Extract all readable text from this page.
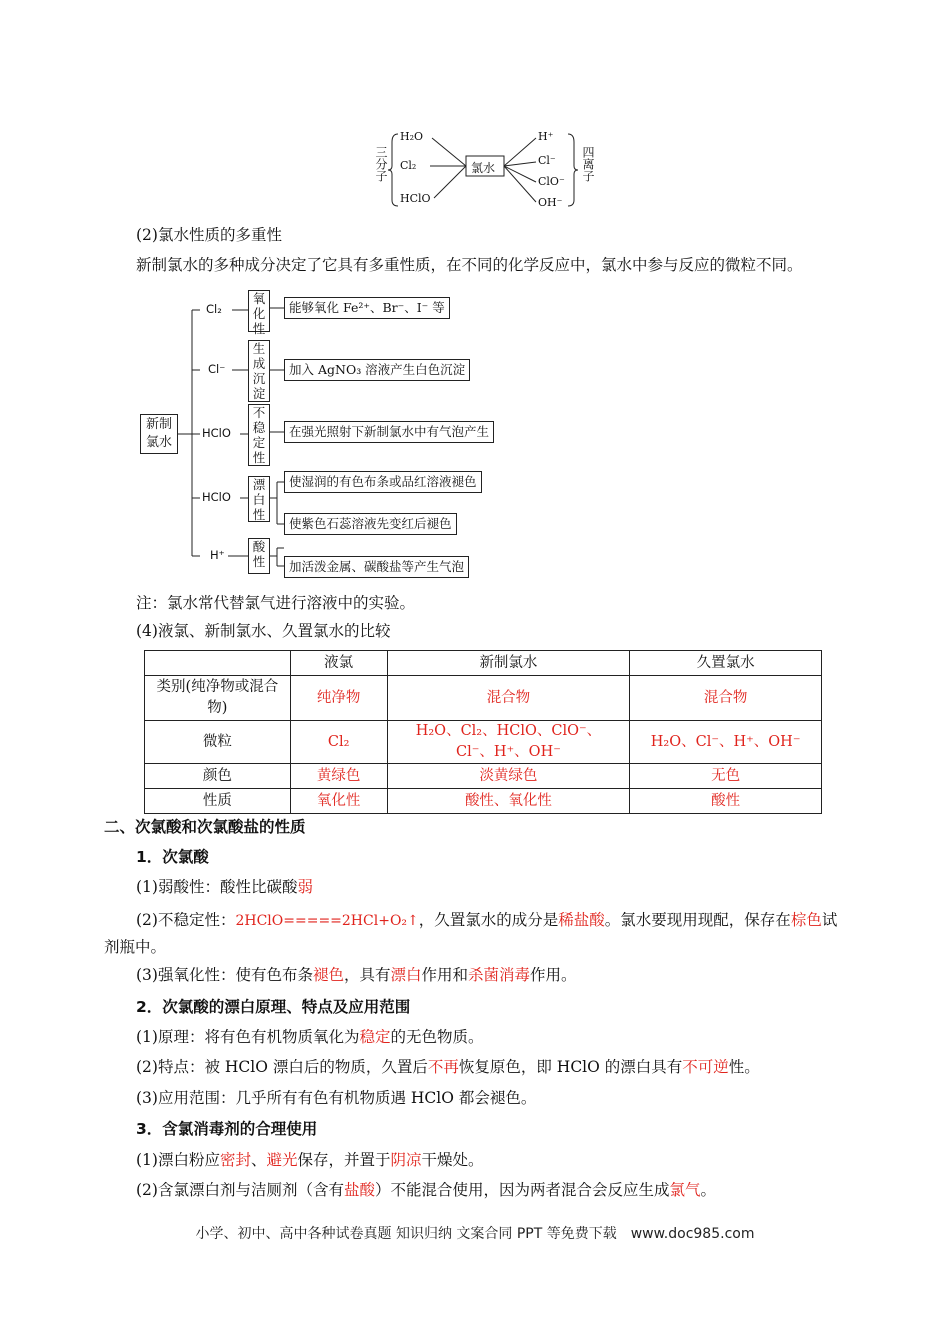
三分子
H₂O
Cl₂
HClO
氯水
H⁺
Cl⁻
ClO⁻
OH⁻
四离子
(2)氯水性质的多重性
新制氯水的多种成分决定了它具有多重性质，在不同的化学反应中，氯水中参与反应的微粒不同。
新制氯水
Cl₂
氧化性
能够氧化 Fe²⁺、Br⁻、I⁻ 等
Cl⁻
生成沉淀
加入 AgNO₃ 溶液产生白色沉淀
HClO
不稳定性
在强光照射下新制氯水中有气泡产生
HClO
漂白性
使湿润的有色布条或品红溶液褪色
使紫色石蕊溶液先变红后褪色
H⁺
酸性	加活泼金属、碳酸盐等产生气泡
注：氯水常代替氯气进行溶液中的实验。
(4)液氯、新制氯水、久置氯水的比较
	液氯	新制氯水	久置氯水
类别(纯净物或混合物)	纯净物	混合物	混合物
微粒	Cl₂	H₂O、Cl₂、HClO、ClO⁻、Cl⁻、H⁺、OH⁻	H₂O、Cl⁻、H⁺、OH⁻
颜色	黄绿色	淡黄绿色	无色
性质	氧化性	酸性、氧化性	酸性
二、次氯酸和次氯酸盐的性质
1．次氯酸
(1)弱酸性：酸性比碳酸弱
(2)不稳定性：2HClO=====2HCl+O₂↑，久置氯水的成分是稀盐酸。氯水要现用现配，保存在棕色试
剂瓶中。
(3)强氧化性：使有色布条褪色，具有漂白作用和杀菌消毒作用。
2．次氯酸的漂白原理、特点及应用范围
(1)原理：将有色有机物质氧化为稳定的无色物质。
(2)特点：被 HClO 漂白后的物质，久置后不再恢复原色，即 HClO 的漂白具有不可逆性。
(3)应用范围：几乎所有有色有机物质遇 HClO 都会褪色。
3．含氯消毒剂的合理使用
(1)漂白粉应密封、避光保存，并置于阴凉干燥处。
(2)含氯漂白剂与洁厕剂（含有盐酸）不能混合使用，因为两者混合会反应生成氯气。
小学、初中、高中各种试卷真题 知识归纳 文案合同 PPT 等免费下载　www.doc985.com
